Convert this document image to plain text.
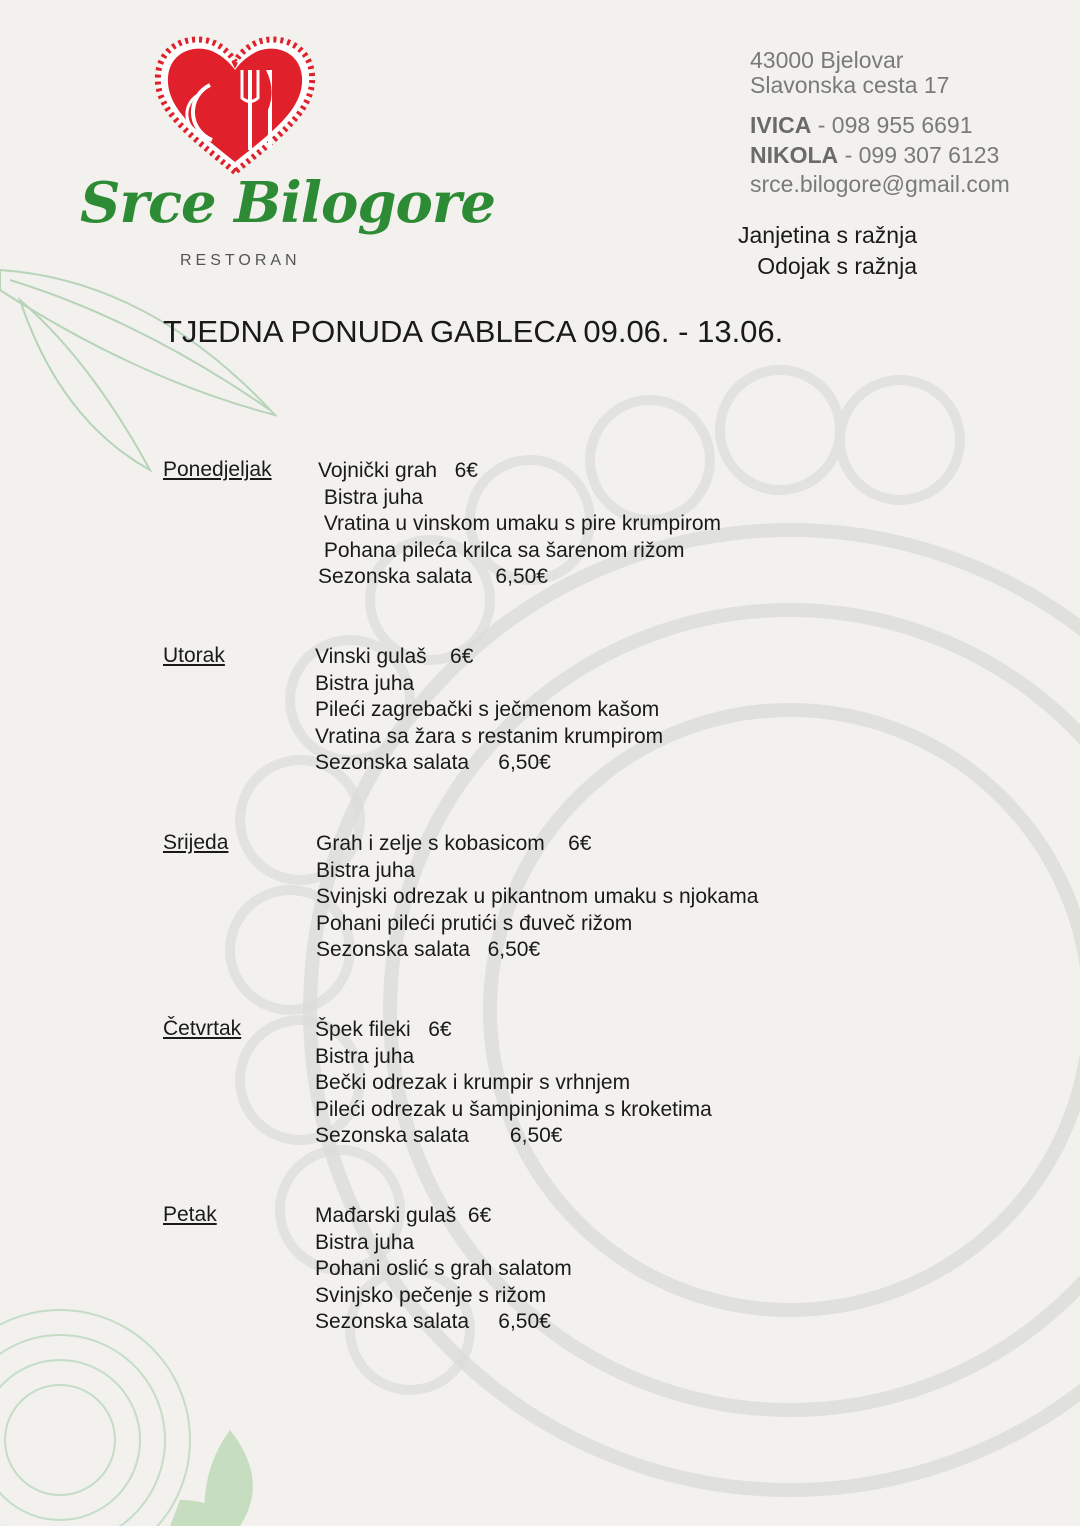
Srce Bilogore
RESTORAN
43000 Bjelovar
Slavonska cesta 17
IVICA - 098 955 6691
NIKOLA - 099 307 6123
srce.bilogore@gmail.com
Janjetina s ražnja
Odojak s ražnja
TJEDNA PONUDA GABLECA 09.06. - 13.06.
Ponedjeljak Vojnički grah   6€
Bistra juha
Vratina u vinskom umaku s pire krumpirom
Pohana pileća krilca sa šarenom rižom
Sezonska salata    6,50€
Utorak	Vinski gulaš    6€
Bistra juha
Pileći zagrebački s ječmenom kašom
Vratina sa žara s restanim krumpirom
Sezonska salata     6,50€
Srijeda	Grah i zelje s kobasicom    6€
Bistra juha
Svinjski odrezak u pikantnom umaku s njokama
Pohani pileći prutići s đuveč rižom
Sezonska salata   6,50€
Četvrtak	Špek fileki   6€
Bistra juha
Bečki odrezak i krumpir s vrhnjem
Pileći odrezak u šampinjonima s kroketima
Sezonska salata       6,50€
Petak	Mađarski gulaš  6€
Bistra juha
Pohani oslić s grah salatom
Svinjsko pečenje s rižom
Sezonska salata     6,50€
